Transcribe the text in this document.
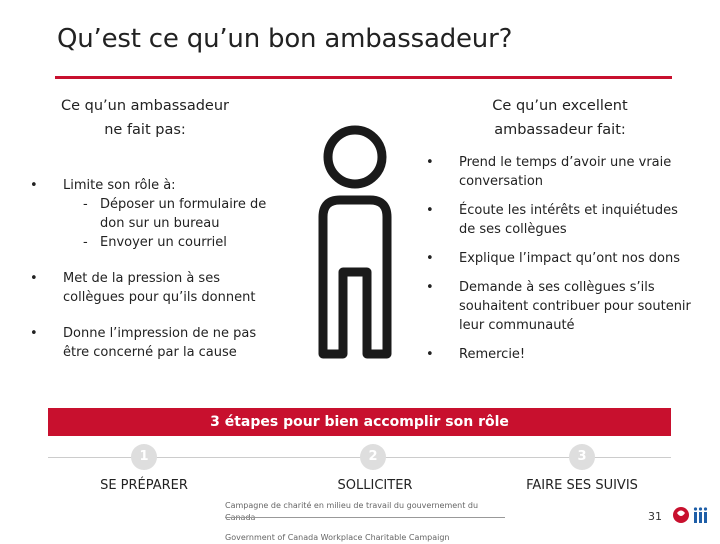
Qu’est ce qu’un bon ambassadeur?
Ce qu’un ambassadeur
ne fait pas:
Ce qu’un excellent
ambassadeur fait:
• Limite son rôle à:
- Déposer un formulaire de don sur un bureau
- Envoyer un courriel
• Met de la pression à ses collègues pour qu’ils donnent
• Donne l’impression de ne pas être concerné par la cause
• Prend le temps d’avoir une vraie conversation
• Écoute les intérêts et inquiétudes de ses collègues
• Explique l’impact qu’ont nos dons
• Demande à ses collègues s’ils souhaitent contribuer pour soutenir leur communauté
• Remercie!
3 étapes pour bien accomplir son rôle
1	2	3
SE PRÉPARER	SOLLICITER	FAIRE SES SUIVIS
Campagne de charité en milieu de travail du gouvernement du
Government of Canada Workplace Charitable Campaign
31
